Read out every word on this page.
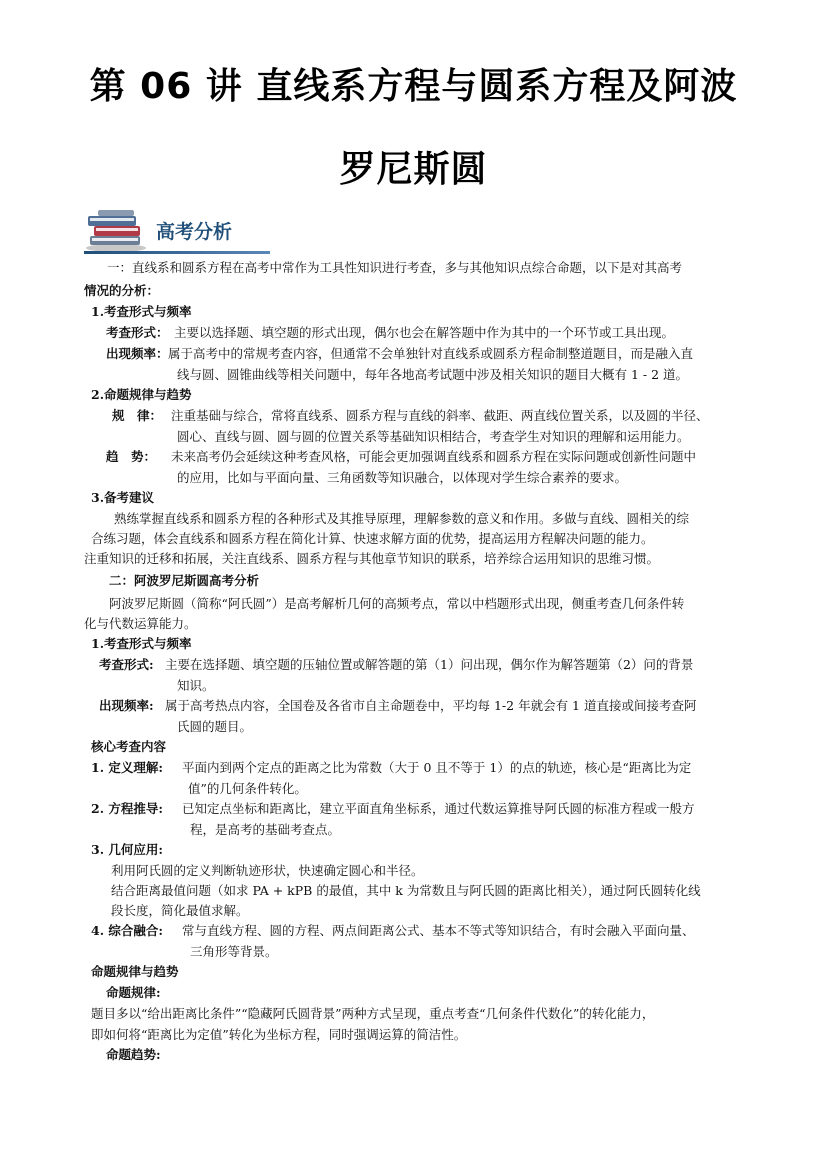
第 06 讲 直线系方程与圆系方程及阿波
罗尼斯圆
高考分析
一：直线系和圆系方程在高考中常作为工具性知识进行考查，多与其他知识点综合命题，以下是对其高考
情况的分析：
1.考查形式与频率
考查形式： 主要以选择题、填空题的形式出现，偶尔也会在解答题中作为其中的一个环节或工具出现。
出现频率： 属于高考中的常规考查内容，但通常不会单独针对直线系或圆系方程命制整道题目，而是融入直
线与圆、圆锥曲线等相关问题中，每年各地高考试题中涉及相关知识的题目大概有 1 - 2 道。
2.命题规律与趋势
规　律： 注重基础与综合，常将直线系、圆系方程与直线的斜率、截距、两直线位置关系，以及圆的半径、
圆心、直线与圆、圆与圆的位置关系等基础知识相结合，考查学生对知识的理解和运用能力。
趋　势： 未来高考仍会延续这种考查风格，可能会更加强调直线系和圆系方程在实际问题或创新性问题中
的应用，比如与平面向量、三角函数等知识融合，以体现对学生综合素养的要求。
3.备考建议
熟练掌握直线系和圆系方程的各种形式及其推导原理，理解参数的意义和作用。多做与直线、圆相关的综
合练习题，体会直线系和圆系方程在简化计算、快速求解方面的优势，提高运用方程解决问题的能力。
注重知识的迁移和拓展，关注直线系、圆系方程与其他章节知识的联系，培养综合运用知识的思维习惯。
二：阿波罗尼斯圆高考分析
阿波罗尼斯圆（简称“阿氏圆”）是高考解析几何的高频考点，常以中档题形式出现，侧重考查几何条件转
化与代数运算能力。
1.考查形式与频率
考查形式: 主要在选择题、填空题的压轴位置或解答题的第（1）问出现，偶尔作为解答题第（2）问的背景
知识。
出现频率: 属于高考热点内容，全国卷及各省市自主命题卷中，平均每 1-2 年就会有 1 道直接或间接考查阿
氏圆的题目。
核心考查内容
1. 定义理解: 平面内到两个定点的距离之比为常数（大于 0 且不等于 1）的点的轨迹，核心是“距离比为定
值”的几何条件转化。
2. 方程推导: 已知定点坐标和距离比，建立平面直角坐标系，通过代数运算推导阿氏圆的标准方程或一般方
程，是高考的基础考查点。
3. 几何应用:
利用阿氏圆的定义判断轨迹形状，快速确定圆心和半径。
结合距离最值问题（如求 PA + kPB 的最值，其中 k 为常数且与阿氏圆的距离比相关），通过阿氏圆转化线
段长度，简化最值求解。
4. 综合融合: 常与直线方程、圆的方程、两点间距离公式、基本不等式等知识结合，有时会融入平面向量、
三角形等背景。
命题规律与趋势
命题规律:
题目多以“给出距离比条件”“隐藏阿氏圆背景”两种方式呈现，重点考查“几何条件代数化”的转化能力，
即如何将“距离比为定值”转化为坐标方程，同时强调运算的简洁性。
命题趋势:
